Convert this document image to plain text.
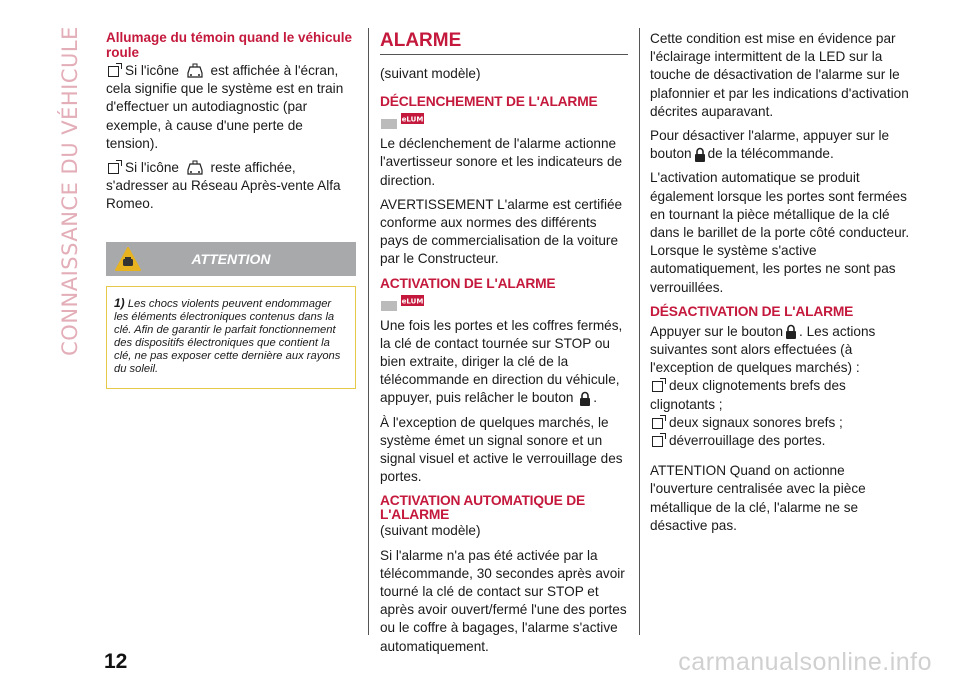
CONNAISSANCE DU VÉHICULE Allumage du témoin quand le véhicule roule

Si l'icône est affichée à l'écran, cela signifie que le système est en train d'effectuer un autodiagnostic (par exemple, à cause d'une perte de tension).

Si l'icône reste affichée, s'adresser au Réseau Après-vente Alfa Romeo.

ATTENTION
1) Les chocs violents peuvent endommager les éléments électroniques contenus dans la clé. Afin de garantir le parfait fonctionnement des dispositifs électroniques que contient la clé, ne pas exposer cette dernière aux rayons du soleil.
ALARME

(suivant modèle)

DÉCLENCHEMENT DE L'ALARME
eLUM

Le déclenchement de l'alarme actionne l'avertisseur sonore et les indicateurs de direction.

AVERTISSEMENT L'alarme est certifiée conforme aux normes des différents pays de commercialisation de la voiture par le Constructeur.

ACTIVATION DE L'ALARME
eLUM

Une fois les portes et les coffres fermés, la clé de contact tournée sur STOP ou bien extraite, diriger la clé de la télécommande en direction du véhicule, appuyer, puis relâcher le bouton .

À l'exception de quelques marchés, le système émet un signal sonore et un signal visuel et active le verrouillage des portes.

ACTIVATION AUTOMATIQUE DE L'ALARME

(suivant modèle)

Si l'alarme n'a pas été activée par la télécommande, 30 secondes après avoir tourné la clé de contact sur STOP et après avoir ouvert/fermé l'une des portes ou le coffre à bagages, l'alarme s'active automatiquement.

Cette condition est mise en évidence par l'éclairage intermittent de la LED sur la touche de désactivation de l'alarme sur le plafonnier et par les indications d'activation décrites auparavant.

Pour désactiver l'alarme, appuyer sur le bouton de la télécommande.

L'activation automatique se produit également lorsque les portes sont fermées en tournant la pièce métallique de la clé dans le barillet de la porte côté conducteur. Lorsque le système s'active automatiquement, les portes ne sont pas verrouillées.

DÉSACTIVATION DE L'ALARME

Appuyer sur le bouton . Les actions suivantes sont alors effectuées (à l'exception de quelques marchés) :

deux clignotements brefs des clignotants ;

deux signaux sonores brefs ;

déverrouillage des portes.

ATTENTION Quand on actionne l'ouverture centralisée avec la pièce métallique de la clé, l'alarme ne se désactive pas.

12	carmanualsonline.info
